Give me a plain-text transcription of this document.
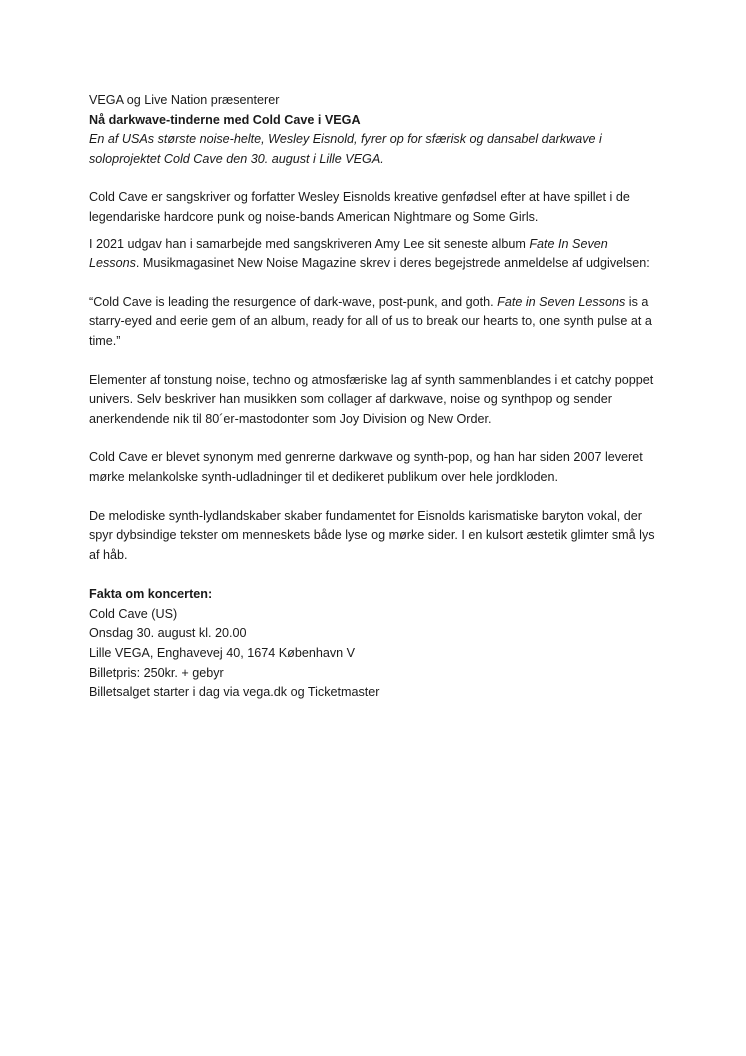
VEGA og Live Nation præsenterer

Nå darkwave-tinderne med Cold Cave i VEGA

En af USAs største noise-helte, Wesley Eisnold, fyrer op for sfærisk og dansabel darkwave i soloprojektet Cold Cave den 30. august i Lille VEGA.

Cold Cave er sangskriver og forfatter Wesley Eisnolds kreative genfødsel efter at have spillet i de legendariske hardcore punk og noise-bands American Nightmare og Some Girls.

I 2021 udgav han i samarbejde med sangskriveren Amy Lee sit seneste album Fate In Seven Lessons. Musikmagasinet New Noise Magazine skrev i deres begejstrede anmeldelse af udgivelsen:

“Cold Cave is leading the resurgence of dark-wave, post-punk, and goth. Fate in Seven Lessons is a starry-eyed and eerie gem of an album, ready for all of us to break our hearts to, one synth pulse at a time.”

Elementer af tonstung noise, techno og atmosfæriske lag af synth sammenblandes i et catchy poppet univers. Selv beskriver han musikken som collager af darkwave, noise og synthpop og sender anerkendende nik til 80´er-mastodonter som Joy Division og New Order.

Cold Cave er blevet synonym med genrerne darkwave og synth-pop, og han har siden 2007 leveret mørke melankolske synth-udladninger til et dedikeret publikum over hele jordkloden.

De melodiske synth-lydlandskaber skaber fundamentet for Eisnolds karismatiske baryton vokal, der spyr dybsindige tekster om menneskets både lyse og mørke sider. I en kulsort æstetik glimter små lys af håb.

Fakta om koncerten:

Cold Cave (US)

Onsdag 30. august kl. 20.00

Lille VEGA, Enghavevej 40, 1674 København V

Billetpris: 250kr. + gebyr

Billetsalget starter i dag via vega.dk og Ticketmaster
